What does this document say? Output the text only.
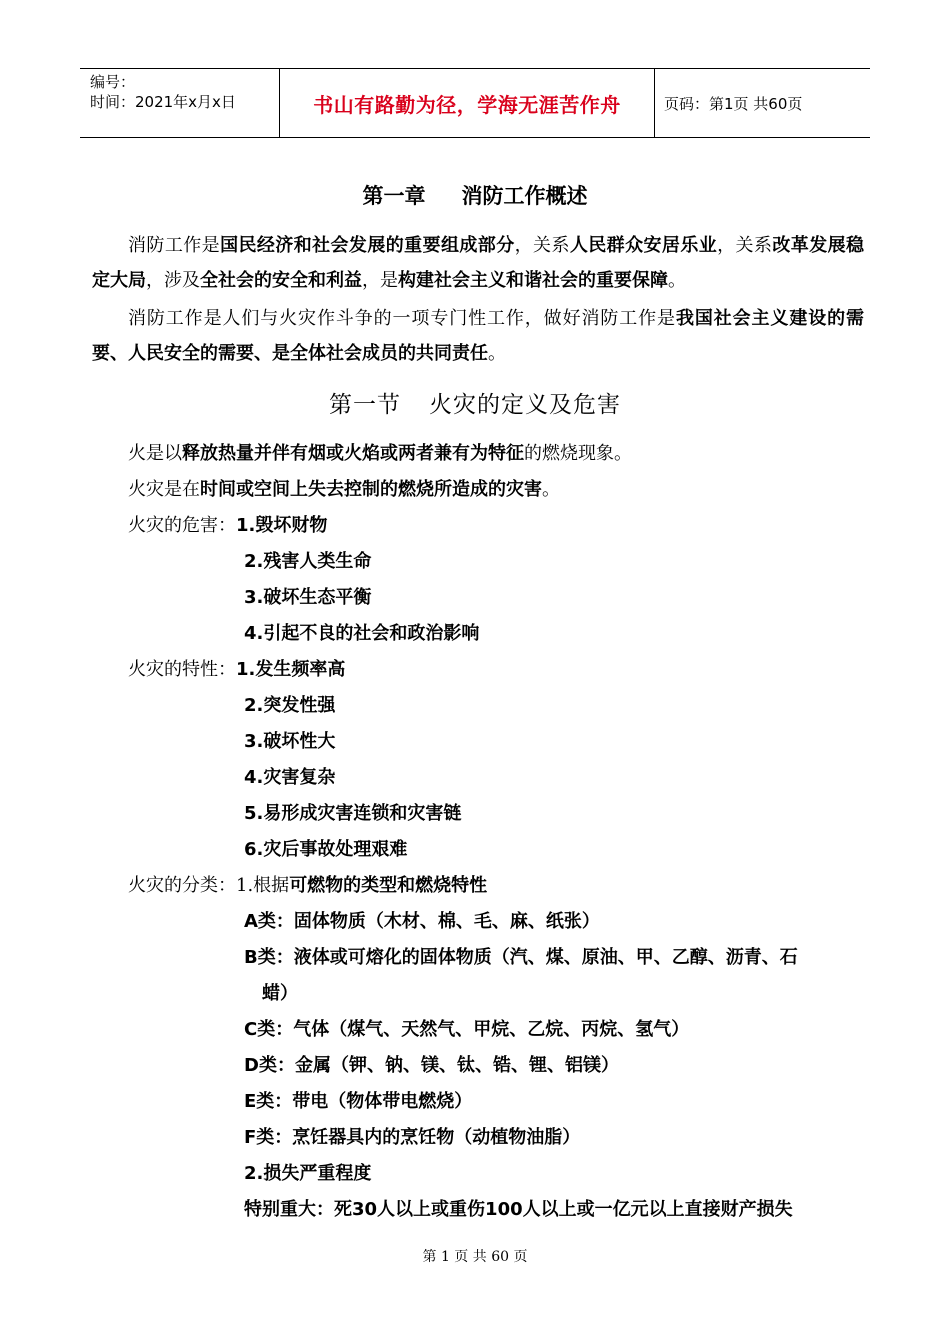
编号：
时间：2021年x月x日	书山有路勤为径，学海无涯苦作舟	页码：第1页 共60页
第一章 消防工作概述
消防工作是国民经济和社会发展的重要组成部分，关系人民群众安居乐业，关系改革发展稳定大局，涉及全社会的安全和利益，是构建社会主义和谐社会的重要保障。
消防工作是人们与火灾作斗争的一项专门性工作，做好消防工作是我国社会主义建设的需要、人民安全的需要、是全体社会成员的共同责任。
第一节 火灾的定义及危害
火是以释放热量并伴有烟或火焰或两者兼有为特征的燃烧现象。
火灾是在时间或空间上失去控制的燃烧所造成的灾害。
火灾的危害：1.毁坏财物
2.残害人类生命
3.破坏生态平衡
4.引起不良的社会和政治影响
火灾的特性：1.发生频率高
2.突发性强
3.破坏性大
4.灾害复杂
5.易形成灾害连锁和灾害链
6.灾后事故处理艰难
火灾的分类：1.根据可燃物的类型和燃烧特性
A类：固体物质（木材、棉、毛、麻、纸张）
B类：液体或可熔化的固体物质（汽、煤、原油、甲、乙醇、沥青、石
蜡）
C类：气体（煤气、天然气、甲烷、乙烷、丙烷、氢气）
D类：金属（钾、钠、镁、钛、锆、锂、铝镁）
E类：带电（物体带电燃烧）
F类：烹饪器具内的烹饪物（动植物油脂）
2.损失严重程度
特别重大：死30人以上或重伤100人以上或一亿元以上直接财产损失
第 1 页 共 60 页
